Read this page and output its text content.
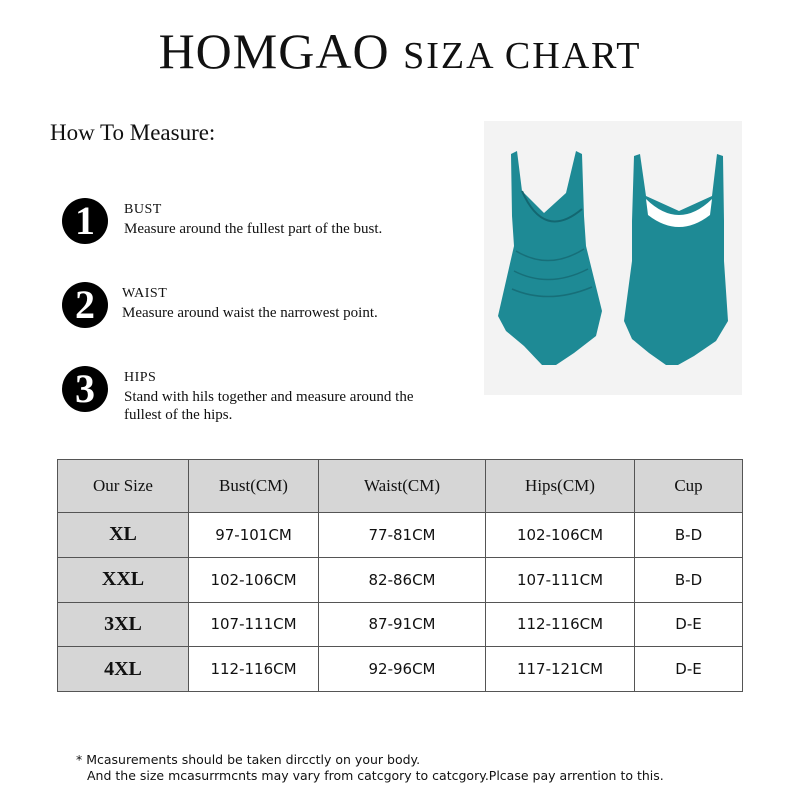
HOMGAO SIZA CHART
How To Measure:
1	BUST
Measure around the fullest part of the bust.
2	WAIST
Measure around waist the narrowest point.
3	HIPS
Stand with hils together and measure around the fullest of the hips.
Our Size	Bust(CM)	Waist(CM)	Hips(CM)	Cup
XL	97-101CM	77-81CM	102-106CM	B-D
XXL	102-106CM	82-86CM	107-111CM	B-D
3XL	107-111CM	87-91CM	112-116CM	D-E
4XL	112-116CM	92-96CM	117-121CM	D-E
* Mcasurements should be taken dircctly on your body.
And the size mcasurrmcnts may vary from catcgory to catcgory.Plcase pay arrention to this.
